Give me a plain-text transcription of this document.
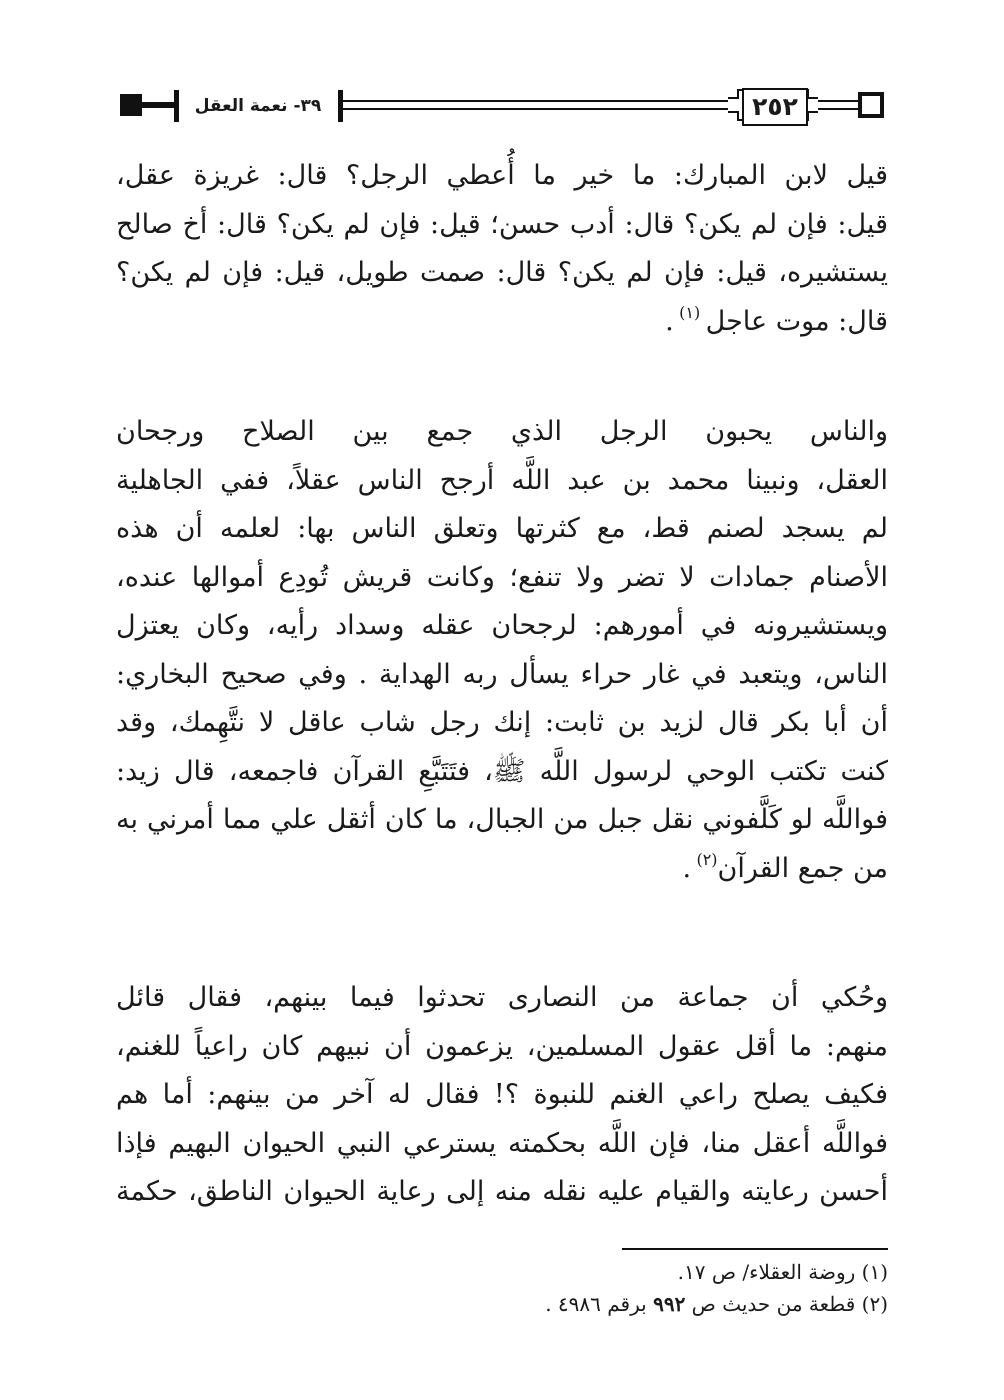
٣٩- نعمة العقل	٢٥٢
قيل لابن المبارك: ما خير ما أُعطي الرجل؟ قال: غريزة عقل،
قيل: فإن لم يكن؟ قال: أدب حسن؛ قيل: فإن لم يكن؟ قال: أخ صالح
يستشيره، قيل: فإن لم يكن؟ قال: صمت طويل، قيل: فإن لم يكن؟
قال: موت عاجل $^{(١)}$ .
والناس يحبون الرجل الذي جمع بين الصلاح ورجحان
العقل، ونبينا محمد بن عبد اللَّه أرجح الناس عقلاً، ففي الجاهلية
لم يسجد لصنم قط، مع كثرتها وتعلق الناس بها: لعلمه أن هذه
الأصنام جمادات لا تضر ولا تنفع؛ وكانت قريش تُودِع أموالها عنده،
ويستشيرونه في أمورهم: لرجحان عقله وسداد رأيه، وكان يعتزل
الناس، ويتعبد في غار حراء يسأل ربه الهداية . وفي صحيح البخاري:
أن أبا بكر قال لزيد بن ثابت: إنك رجل شاب عاقل لا نتَّهِمك، وقد
كنت تكتب الوحي لرسول اللَّه ﷺ، فتَتَبَّعِ القرآن فاجمعه، قال زيد:
فواللَّه لو كَلَّفوني نقل جبل من الجبال، ما كان أثقل علي مما أمرني به
من جمع القرآن$^{(٢)}$ .
وحُكي أن جماعة من النصارى تحدثوا فيما بينهم، فقال قائل
منهم: ما أقل عقول المسلمين، يزعمون أن نبيهم كان راعياً للغنم،
فكيف يصلح راعي الغنم للنبوة ؟! فقال له آخر من بينهم: أما هم
فواللَّه أعقل منا، فإن اللَّه بحكمته يسترعي النبي الحيوان البهيم فإذا
أحسن رعايته والقيام عليه نقله منه إلى رعاية الحيوان الناطق، حكمة
(١) روضة العقلاء/ ص ١٧.
(٢) قطعة من حديث ص ٩٩٢ برقم ٤٩٨٦ .
